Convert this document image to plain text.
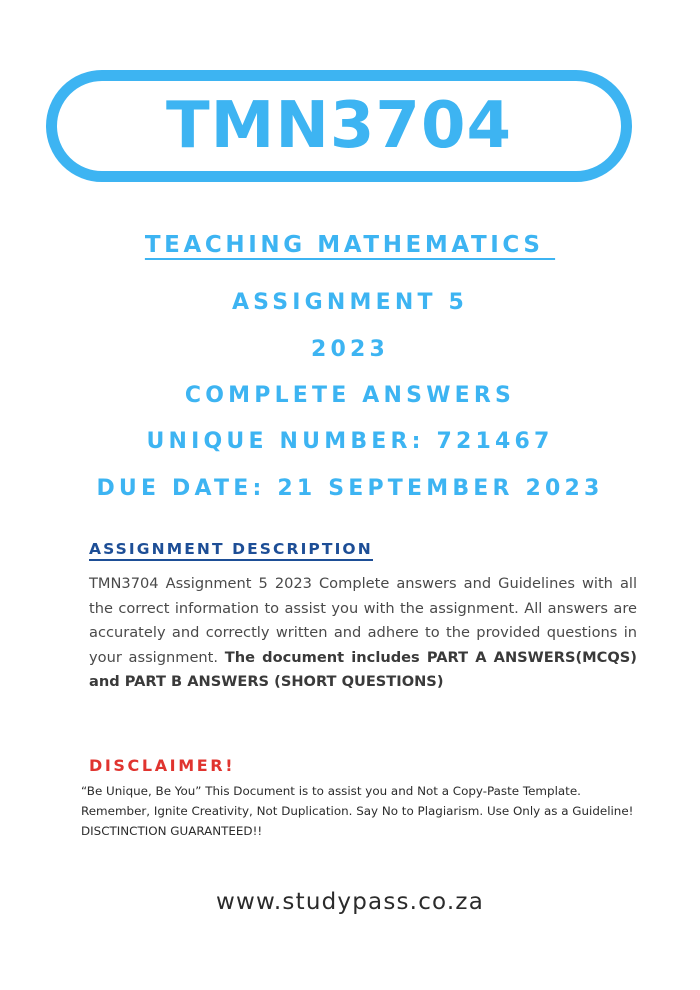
TMN3704
TEACHING MATHEMATICS
ASSIGNMENT 5
2023
COMPLETE ANSWERS
UNIQUE NUMBER: 721467
DUE DATE: 21 SEPTEMBER 2023
ASSIGNMENT DESCRIPTION

TMN3704 Assignment 5 2023 Complete answers and Guidelines with all the correct information to assist you with the assignment. All answers are accurately and correctly written and adhere to the provided questions in your assignment. The document includes PART A ANSWERS(MCQS) and PART B ANSWERS (SHORT QUESTIONS)

DISCLAIMER!

“Be Unique, Be You” This Document is to assist you and Not a Copy-Paste Template. Remember, Ignite Creativity, Not Duplication. Say No to Plagiarism. Use Only as a Guideline! DISCTINCTION GUARANTEED!!

www.studypass.co.za
